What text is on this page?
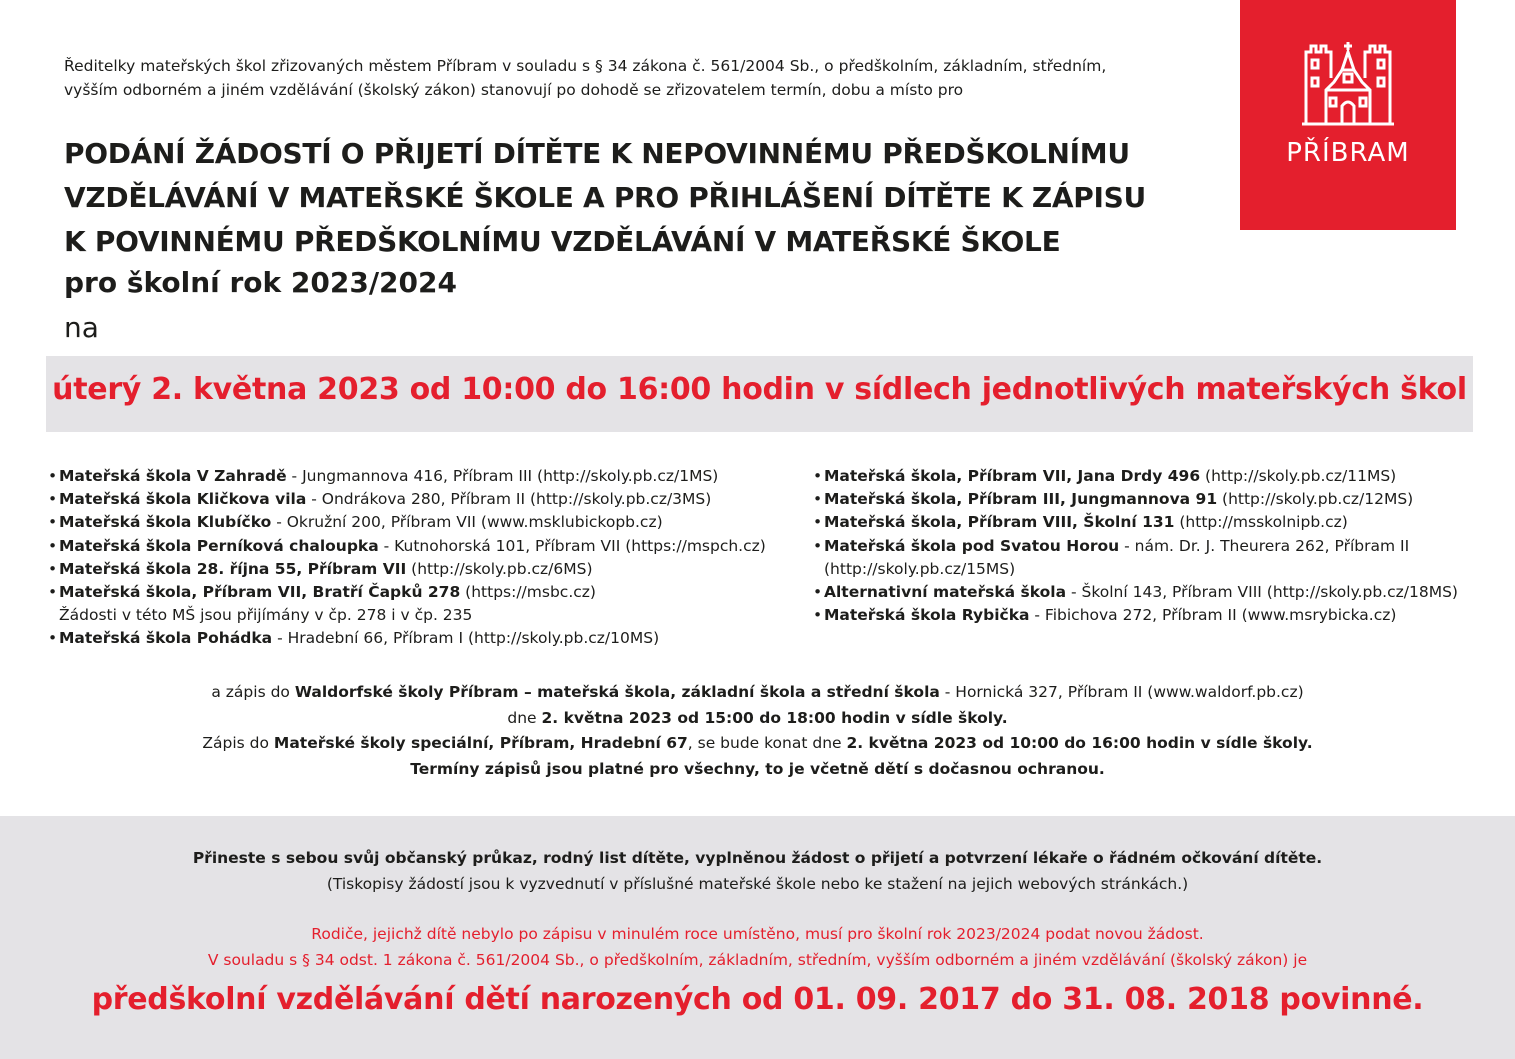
Ředitelky mateřských škol zřizovaných městem Příbram v souladu s § 34 zákona č. 561/2004 Sb., o předškolním, základním, středním,

vyšším odborném a jiném vzdělávání (školský zákon) stanovují po dohodě se zřizovatelem termín, dobu a místo pro

PODÁNÍ ŽÁDOSTÍ O PŘIJETÍ DÍTĚTE K NEPOVINNÉMU PŘEDŠKOLNÍMU
VZDĚLÁVÁNÍ V MATEŘSKÉ ŠKOLE A PRO PŘIHLÁŠENÍ DÍTĚTE K ZÁPISU
K POVINNÉMU PŘEDŠKOLNÍMU VZDĚLÁVÁNÍ V MATEŘSKÉ ŠKOLE
pro školní rok 2023/2024
na
PŘÍBRAM
úterý 2. května 2023 od 10:00 do 16:00 hodin v sídlech jednotlivých mateřských škol
• Mateřská škola V Zahradě - Jungmannova 416, Příbram III (http://skoly.pb.cz/1MS)
• Mateřská škola Kličkova vila - Ondrákova 280, Příbram II (http://skoly.pb.cz/3MS)
• Mateřská škola Klubíčko - Okružní 200, Příbram VII (www.msklubickopb.cz)
• Mateřská škola Perníková chaloupka - Kutnohorská 101, Příbram VII (https://mspch.cz)
• Mateřská škola 28. října 55, Příbram VII (http://skoly.pb.cz/6MS)
• Mateřská škola, Příbram VII, Bratří Čapků 278 (https://msbc.cz)
Žádosti v této MŠ jsou přijímány v čp. 278 i v čp. 235
• Mateřská škola Pohádka - Hradební 66, Příbram I (http://skoly.pb.cz/10MS)
• Mateřská škola, Příbram VII, Jana Drdy 496 (http://skoly.pb.cz/11MS)
• Mateřská škola, Příbram III, Jungmannova 91 (http://skoly.pb.cz/12MS)
• Mateřská škola, Příbram VIII, Školní 131 (http://msskolnipb.cz)
• Mateřská škola pod Svatou Horou - nám. Dr. J. Theurera 262, Příbram II
(http://skoly.pb.cz/15MS)
• Alternativní mateřská škola - Školní 143, Příbram VIII (http://skoly.pb.cz/18MS)
• Mateřská škola Rybička - Fibichova 272, Příbram II (www.msrybicka.cz)

a zápis do Waldorfské školy Příbram – mateřská škola, základní škola a střední škola - Hornická 327, Příbram II (www.waldorf.pb.cz)

dne 2. května 2023 od 15:00 do 18:00 hodin v sídle školy.

Zápis do Mateřské školy speciální, Příbram, Hradební 67, se bude konat dne 2. května 2023 od 10:00 do 16:00 hodin v sídle školy.

Termíny zápisů jsou platné pro všechny, to je včetně dětí s dočasnou ochranou.

Přineste s sebou svůj občanský průkaz, rodný list dítěte, vyplněnou žádost o přijetí a potvrzení lékaře o řádném očkování dítěte.

(Tiskopisy žádostí jsou k vyzvednutí v příslušné mateřské škole nebo ke stažení na jejich webových stránkách.)

Rodiče, jejichž dítě nebylo po zápisu v minulém roce umístěno, musí pro školní rok 2023/2024 podat novou žádost.

V souladu s § 34 odst. 1 zákona č. 561/2004 Sb., o předškolním, základním, středním, vyšším odborném a jiném vzdělávání (školský zákon) je

předškolní vzdělávání dětí narozených od 01. 09. 2017 do 31. 08. 2018 povinné.
